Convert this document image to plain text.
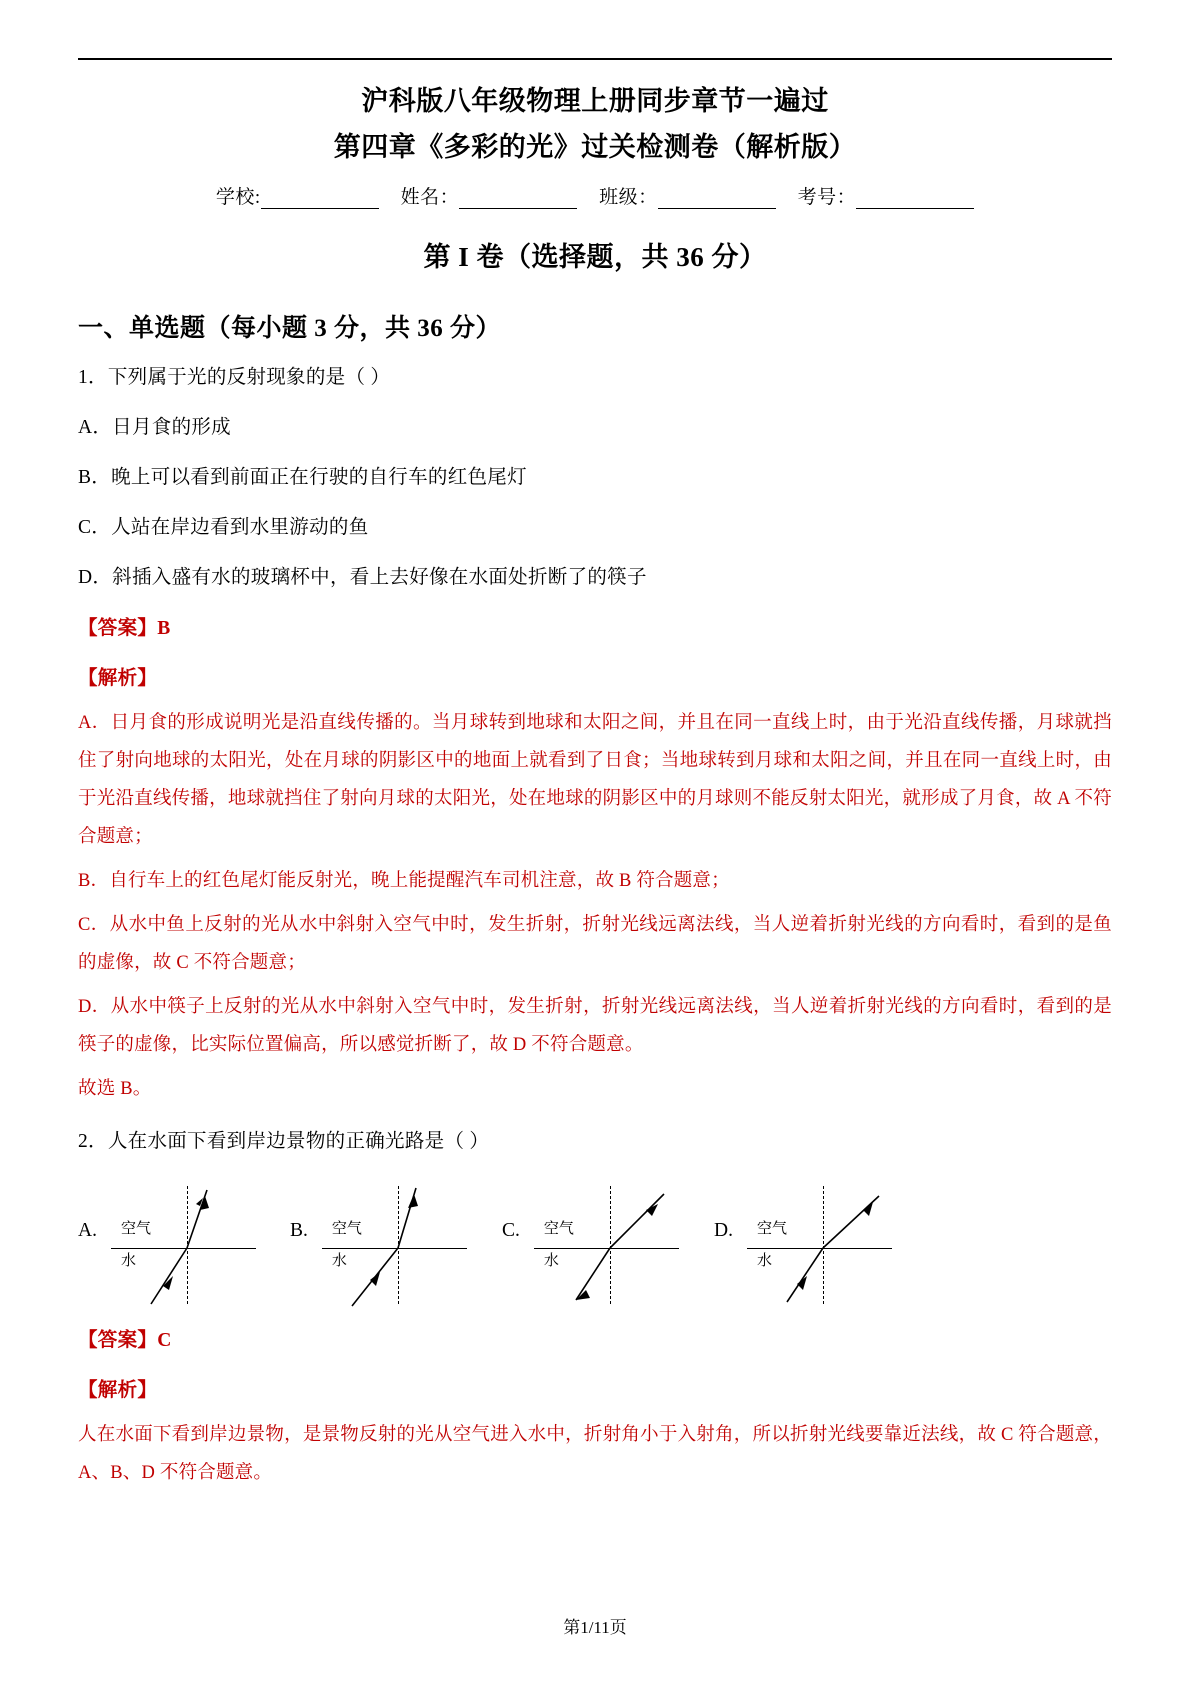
沪科版八年级物理上册同步章节一遍过
第四章《多彩的光》过关检测卷（解析版）
学校:	姓名：	班级：	考号：
第 I 卷（选择题，共 36 分）
一、单选题（每小题 3 分，共 36 分）

1．下列属于光的反射现象的是（ ）

A．日月食的形成

B．晚上可以看到前面正在行驶的自行车的红色尾灯

C．人站在岸边看到水里游动的鱼

D．斜插入盛有水的玻璃杯中，看上去好像在水面处折断了的筷子

【答案】B

【解析】

A．日月食的形成说明光是沿直线传播的。当月球转到地球和太阳之间，并且在同一直线上时，由于光沿直线传播，月球就挡住了射向地球的太阳光，处在月球的阴影区中的地面上就看到了日食；当地球转到月球和太阳之间，并且在同一直线上时，由于光沿直线传播，地球就挡住了射向月球的太阳光，处在地球的阴影区中的月球则不能反射太阳光，就形成了月食，故 A 不符合题意；

B．自行车上的红色尾灯能反射光，晚上能提醒汽车司机注意，故 B 符合题意；

C．从水中鱼上反射的光从水中斜射入空气中时，发生折射，折射光线远离法线，当人逆着折射光线的方向看时，看到的是鱼的虚像，故 C 不符合题意；

D．从水中筷子上反射的光从水中斜射入空气中时，发生折射，折射光线远离法线，当人逆着折射光线的方向看时，看到的是筷子的虚像，比实际位置偏高，所以感觉折断了，故 D 不符合题意。

故选 B。

2．人在水面下看到岸边景物的正确光路是（ ）

A. 空气
水
B. 空气
水
C. 空气
水
D. 空气
水

【答案】C

【解析】

人在水面下看到岸边景物，是景物反射的光从空气进入水中，折射角小于入射角，所以折射光线要靠近法线，故 C 符合题意，A、B、D 不符合题意。

第1/11页
